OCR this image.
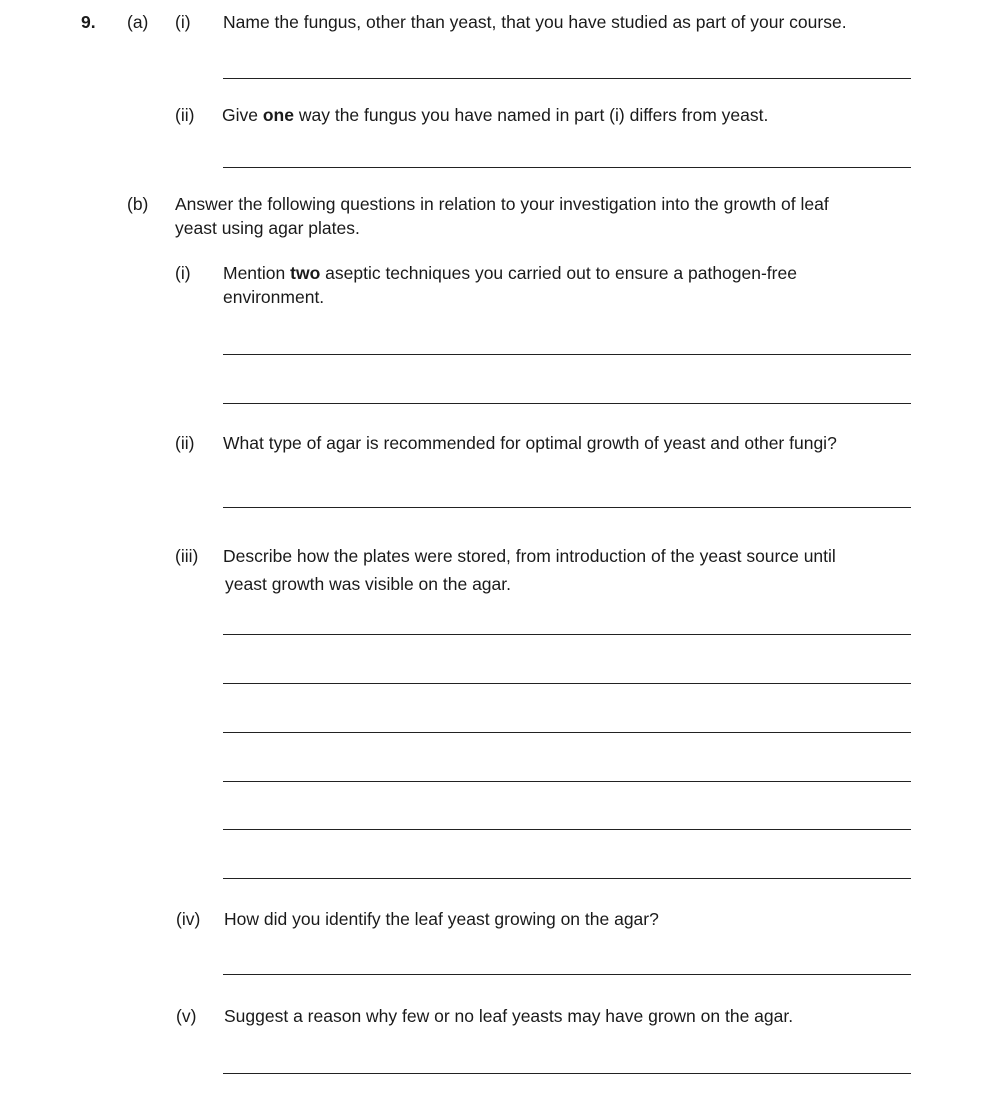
9. (a) (i) Name the fungus, other than yeast, that you have studied as part of your course.
(ii) Give one way the fungus you have named in part (i) differs from yeast.
(b) Answer the following questions in relation to your investigation into the growth of leaf
yeast using agar plates.
(i) Mention two aseptic techniques you carried out to ensure a pathogen-free
environment.
(ii) What type of agar is recommended for optimal growth of yeast and other fungi?
(iii) Describe how the plates were stored, from introduction of the yeast source until
yeast growth was visible on the agar.
(iv) How did you identify the leaf yeast growing on the agar?
(v) Suggest a reason why few or no leaf yeasts may have grown on the agar.
